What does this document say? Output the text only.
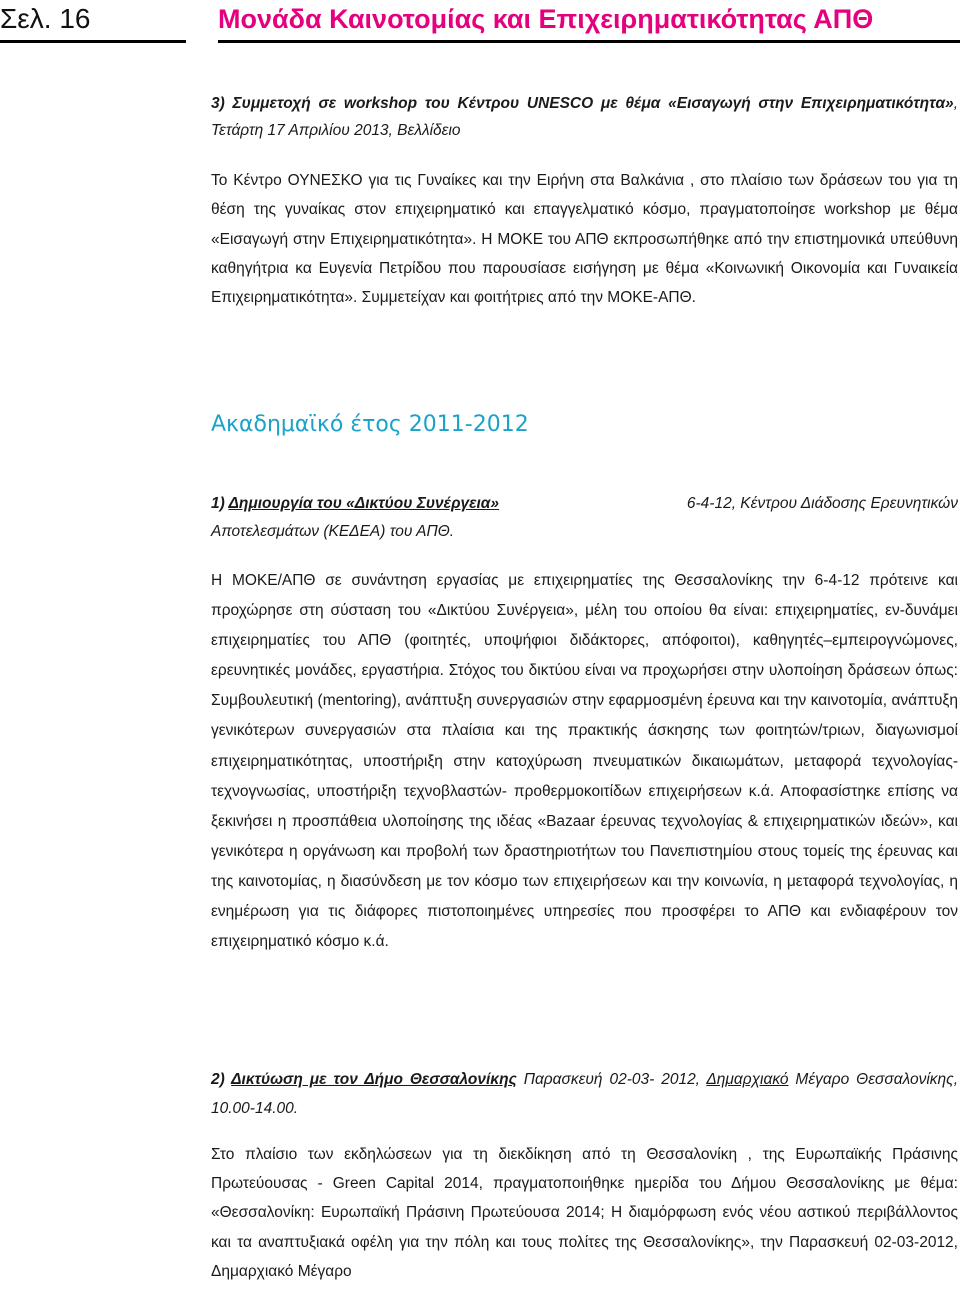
Σελ. 16	Μονάδα Καινοτομίας και Επιχειρηματικότητας ΑΠΘ
3) Συμμετοχή σε workshop του Κέντρου UNESCO με θέμα «Εισαγωγή στην Επιχειρηματικότητα», Τετάρτη 17 Απριλίου 2013, Βελλίδειο
Το Κέντρο ΟΥΝΕΣΚΟ για τις Γυναίκες και την Ειρήνη στα Βαλκάνια , στο πλαίσιο των δράσεων του για τη θέση της γυναίκας στον επιχειρηματικό και επαγγελματικό κόσμο, πραγματοποίησε workshop με θέμα «Εισαγωγή στην Επιχειρηματικότητα». Η ΜΟΚΕ του ΑΠΘ εκπροσωπήθηκε από την επιστημονικά υπεύθυνη καθηγήτρια κα Ευγενία Πετρίδου που παρουσίασε εισήγηση με θέμα «Κοινωνική Οικονομία και Γυναικεία Επιχειρηματικότητα». Συμμετείχαν και φοιτήτριες από την ΜΟΚΕ-ΑΠΘ.
Ακαδημαϊκό έτος 2011-2012
6-4-12, Κέντρου Διάδοσης Ερευνητικών
1) Δημιουργία του «Δικτύου Συνέργεια»
Αποτελεσμάτων (ΚΕΔΕΑ) του ΑΠΘ.
Η ΜΟΚΕ/ΑΠΘ σε συνάντηση εργασίας με επιχειρηματίες της Θεσσαλονίκης την 6-4-12 πρότεινε και προχώρησε στη σύσταση του «Δικτύου Συνέργεια», μέλη του οποίου θα είναι: επιχειρηματίες, εν-δυνάμει επιχειρηματίες του ΑΠΘ (φοιτητές, υποψήφιοι διδάκτορες, απόφοιτοι), καθηγητές–εμπειρογνώμονες, ερευνητικές μονάδες, εργαστήρια. Στόχος του δικτύου είναι να προχωρήσει στην υλοποίηση δράσεων όπως: Συμβουλευτική (mentoring), ανάπτυξη συνεργασιών στην εφαρμοσμένη έρευνα και την καινοτομία, ανάπτυξη γενικότερων συνεργασιών στα πλαίσια και της πρακτικής άσκησης των φοιτητών/τριων, διαγωνισμοί επιχειρηματικότητας, υποστήριξη στην κατοχύρωση πνευματικών δικαιωμάτων, μεταφορά τεχνολογίας-τεχνογνωσίας, υποστήριξη τεχνοβλαστών- προθερμοκοιτίδων επιχειρήσεων κ.ά. Αποφασίστηκε επίσης να ξεκινήσει η προσπάθεια υλοποίησης της ιδέας «Bazaar έρευνας τεχνολογίας & επιχειρηματικών ιδεών», και γενικότερα η οργάνωση και προβολή των δραστηριοτήτων του Πανεπιστημίου στους τομείς της έρευνας και της καινοτομίας, η διασύνδεση με τον κόσμο των επιχειρήσεων και την κοινωνία, η μεταφορά τεχνολογίας, η ενημέρωση για τις διάφορες πιστοποιημένες υπηρεσίες που προσφέρει το ΑΠΘ και ενδιαφέρουν τον επιχειρηματικό κόσμο κ.ά.
2) Δικτύωση με τον Δήμο Θεσσαλονίκης Παρασκευή 02-03- 2012, Δημαρχιακό Μέγαρο Θεσσαλονίκης, 10.00-14.00.
Στο πλαίσιο των εκδηλώσεων για τη διεκδίκηση από τη Θεσσαλονίκη , της Ευρωπαϊκής Πράσινης Πρωτεύουσας - Green Capital 2014, πραγματοποιήθηκε ημερίδα του Δήμου Θεσσαλονίκης με θέμα: «Θεσσαλονίκη: Ευρωπαϊκή Πράσινη Πρωτεύουσα 2014; Η διαμόρφωση ενός νέου αστικού περιβάλλοντος και τα αναπτυξιακά οφέλη για την πόλη και τους πολίτες της Θεσσαλονίκης», την Παρασκευή 02-03-2012, Δημαρχιακό Μέγαρο
